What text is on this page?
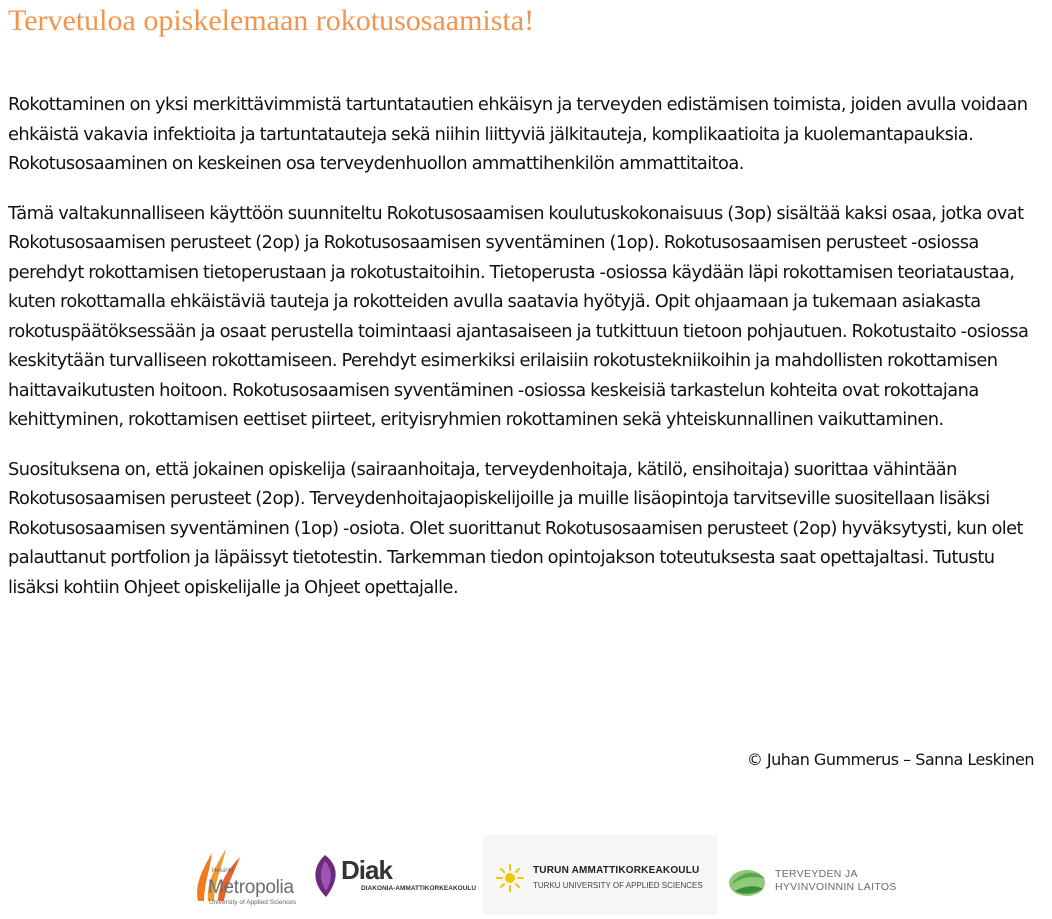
Tervetuloa opiskelemaan rokotusosaamista!

Rokottaminen on yksi merkittävimmistä tartuntatautien ehkäisyn ja terveyden edistämisen toimista, joiden avulla voidaan ehkäistä vakavia infektioita ja tartuntatauteja sekä niihin liittyviä jälkitauteja, komplikaatioita ja kuolemantapauksia. Rokotusosaaminen on keskeinen osa terveydenhuollon ammattihenkilön ammattitaitoa.

Tämä valtakunnalliseen käyttöön suunniteltu Rokotusosaamisen koulutuskokonaisuus (3op) sisältää kaksi osaa, jotka ovat Rokotusosaamisen perusteet (2op) ja Rokotusosaamisen syventäminen (1op). Rokotusosaamisen perusteet -osiossa perehdyt rokottamisen tietoperustaan ja rokotustaitoihin. Tietoperusta -osiossa käydään läpi rokottamisen teoriataustaa, kuten rokottamalla ehkäistäviä tauteja ja rokotteiden avulla saatavia hyötyjä. Opit ohjaamaan ja tukemaan asiakasta rokotuspäätöksessään ja osaat perustella toimintaasi ajantasaiseen ja tutkittuun tietoon pohjautuen. Rokotustaito -osiossa keskitytään turvalliseen rokottamiseen. Perehdyt esimerkiksi erilaisiin rokotustekniikoihin ja mahdollisten rokottamisen haittavaikutusten hoitoon. Rokotusosaamisen syventäminen -osiossa keskeisiä tarkastelun kohteita ovat rokottajana kehittyminen, rokottamisen eettiset piirteet, erityisryhmien rokottaminen sekä yhteiskunnallinen vaikuttaminen.

Suosituksena on, että jokainen opiskelija (sairaanhoitaja, terveydenhoitaja, kätilö, ensihoitaja) suorittaa vähintään Rokotusosaamisen perusteet (2op). Terveydenhoitajaopiskelijoille ja muille lisäopintoja tarvitseville suositellaan lisäksi Rokotusosaamisen syventäminen (1op) -osiota. Olet suorittanut Rokotusosaamisen perusteet (2op) hyväksytysti, kun olet palauttanut portfolion ja läpäissyt tietotestin. Tarkemman tiedon opintojakson toteutuksesta saat opettajaltasi. Tutustu lisäksi kohtiin Ohjeet opiskelijalle ja Ohjeet opettajalle.

© Juhan Gummerus – Sanna Leskinen
Helsinki
Metropolia
University of Applied Sciences
Diak
DIAKONIA-AMMATTIKORKEAKOULU
TURUN AMMATTIKORKEAKOULU
TURKU UNIVERSITY OF APPLIED SCIENCES
TERVEYDEN JA
HYVINVOINNIN LAITOS
